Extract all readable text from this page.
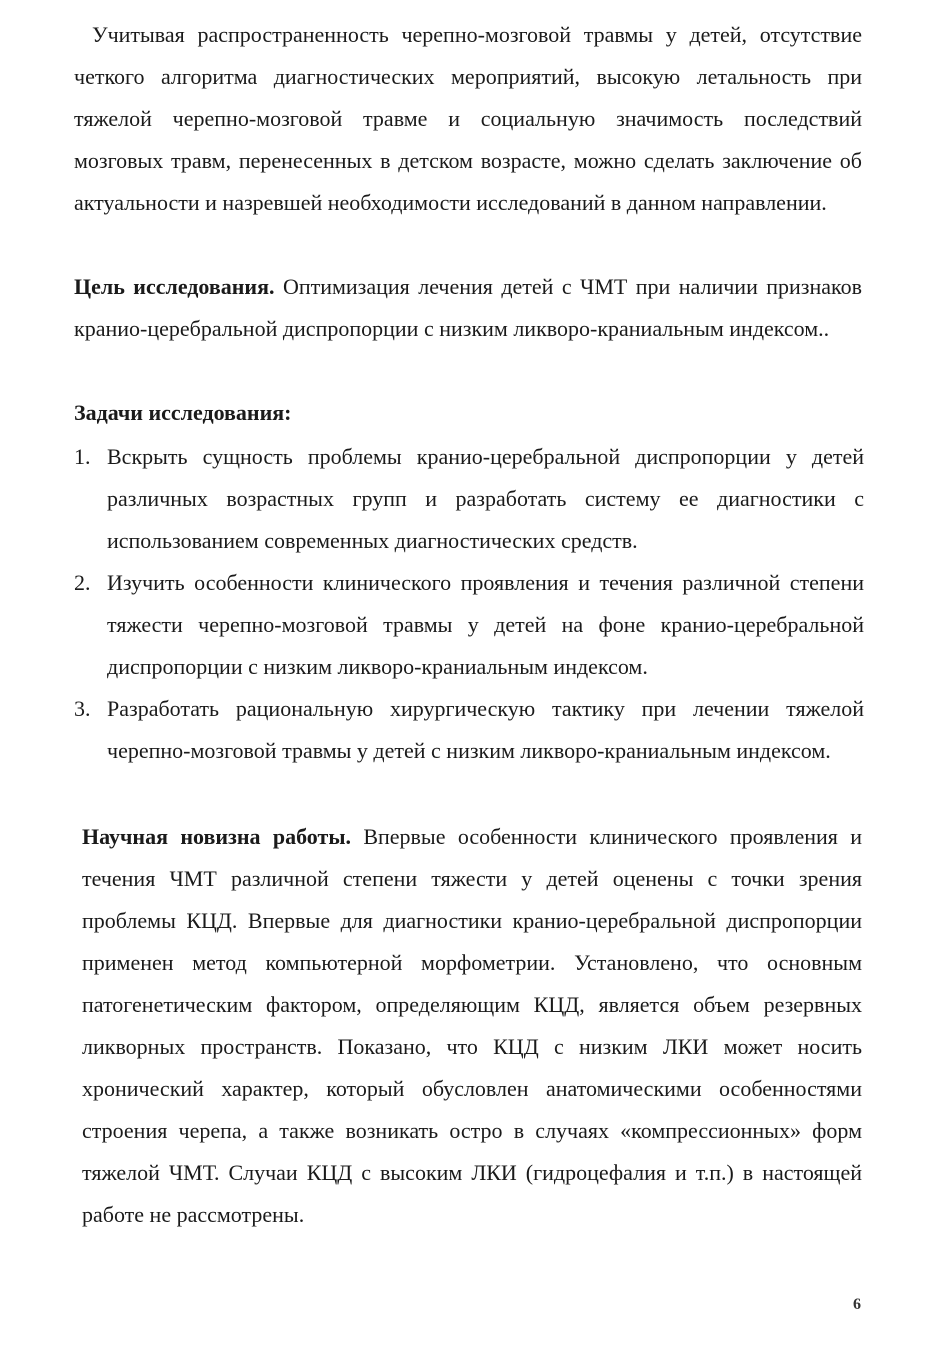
Учитывая распространенность черепно-мозговой травмы у детей, отсутствие четкого алгоритма диагностических мероприятий, высокую летальность при тяжелой черепно-мозговой травме и социальную значимость последствий мозговых травм, перенесенных в детском возрасте, можно сделать заключение об актуальности и назревшей необходимости исследований в данном направлении.

Цель исследования. Оптимизация лечения детей с ЧМТ при наличии признаков кранио-церебральной диспропорции с низким ликворо-краниальным индексом..

Задачи исследования:
1. Вскрыть сущность проблемы кранио-церебральной диспропорции у детей различных возрастных групп и разработать систему ее диагностики с использованием современных диагностических средств.
2. Изучить особенности клинического проявления и течения различной степени тяжести черепно-мозговой травмы у детей на фоне кранио-церебральной диспропорции с низким ликворо-краниальным индексом.
3. Разработать рациональную хирургическую тактику при лечении тяжелой черепно-мозговой травмы у детей с низким ликворо-краниальным индексом.

Научная новизна работы. Впервые особенности клинического проявления и течения ЧМТ различной степени тяжести у детей оценены с точки зрения проблемы КЦД. Впервые для диагностики кранио-церебральной диспропорции применен метод компьютерной морфометрии. Установлено, что основным патогенетическим фактором, определяющим КЦД, является объем резервных ликворных пространств. Показано, что КЦД с низким ЛКИ может носить хронический характер, который обусловлен анатомическими особенностями строения черепа, а также возникать остро в случаях «компрессионных» форм тяжелой ЧМТ. Случаи КЦД с высоким ЛКИ (гидроцефалия и т.п.) в настоящей работе не рассмотрены.

6
